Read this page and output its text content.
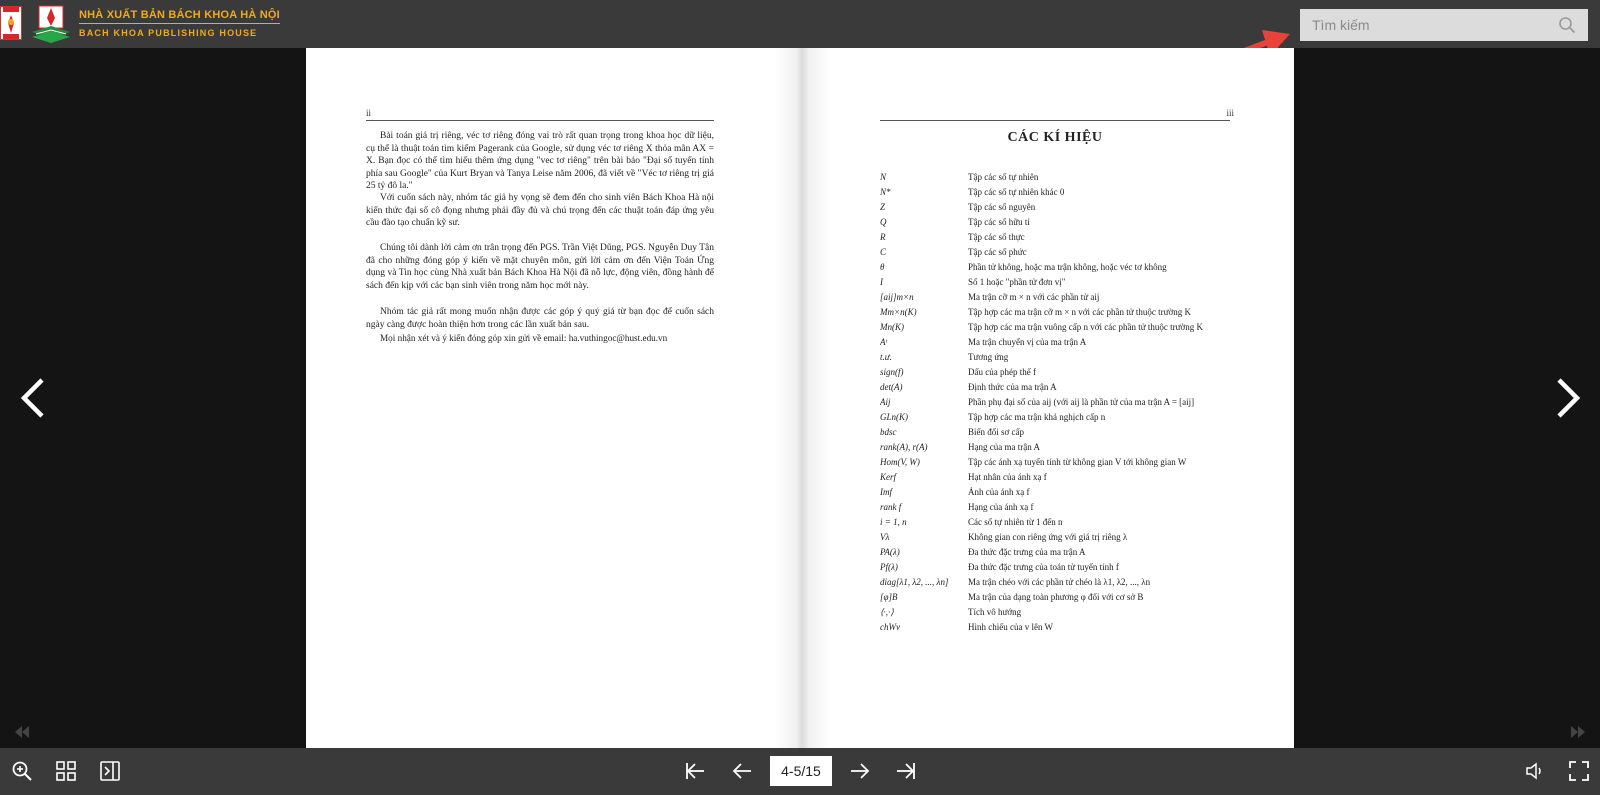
NHÀ XUẤT BẢN BÁCH KHOA HÀ NỘI
BACH KHOA PUBLISHING HOUSE
Tìm kiếm
ii
Bài toán giá trị riêng, véc tơ riêng đóng vai trò rất quan trọng trong khoa học dữ liệu, cụ thể là thuật toán tìm kiếm Pagerank của Google, sử dụng véc tơ riêng X thỏa mãn AX = X. Bạn đọc có thể tìm hiểu thêm ứng dụng "vec tơ riêng" trên bài báo "Đại số tuyến tính phía sau Google" của Kurt Bryan và Tanya Leise năm 2006, đã viết về "Véc tơ riêng trị giá 25 tỷ đô la."
Với cuốn sách này, nhóm tác giả hy vọng sẽ đem đến cho sinh viên Bách Khoa Hà nội kiến thức đại số cô đọng nhưng phải đầy đủ và chú trọng đến các thuật toán đáp ứng yêu cầu đào tạo chuẩn kỹ sư.
Chúng tôi dành lời cảm ơn trân trọng đến PGS. Trần Việt Dũng, PGS. Nguyễn Duy Tân đã cho những đóng góp ý kiến về mặt chuyên môn, gửi lời cảm ơn đến Viện Toán Ứng dụng và Tin học cùng Nhà xuất bản Bách Khoa Hà Nội đã nỗ lực, động viên, đồng hành để sách đến kịp với các bạn sinh viên trong năm học mới này.
Nhóm tác giả rất mong muốn nhận được các góp ý quý giá từ bạn đọc để cuốn sách ngày càng được hoàn thiện hơn trong các lần xuất bản sau.
Mọi nhận xét và ý kiến đóng góp xin gửi về email: ha.vuthingoc@hust.edu.vn
iii
CÁC KÍ HIỆU
N	Tập các số tự nhiên
N*	Tập các số tự nhiên khác 0
Z	Tập các số nguyên
Q	Tập các số hữu tỉ
R	Tập các số thực
C	Tập các số phức
θ	Phần tử không, hoặc ma trận không, hoặc véc tơ không
I	Số 1 hoặc "phần tử đơn vị"
[aij]m×n	Ma trận cỡ m × n với các phần tử aij
Mm×n(K)	Tập hợp các ma trận cỡ m × n với các phần tử thuộc trường K
Mn(K)	Tập hợp các ma trận vuông cấp n với các phần tử thuộc trường K
Aᵗ	Ma trận chuyển vị của ma trận A
t.ư.	Tương ứng
sign(f)	Dấu của phép thế f
det(A)	Định thức của ma trận A
Aij	Phần phụ đại số của aij (với aij là phần tử của ma trận A = [aij]
GLn(K)	Tập hợp các ma trận khả nghịch cấp n
bdsc	Biến đổi sơ cấp
rank(A), r(A)	Hạng của ma trận A
Hom(V, W)	Tập các ánh xạ tuyến tính từ không gian V tới không gian W
Kerf	Hạt nhân của ánh xạ f
Imf	Ảnh của ánh xạ f
rank f	Hạng của ánh xạ f
i = 1, n	Các số tự nhiên từ 1 đến n
Vλ	Không gian con riêng ứng với giá trị riêng λ
PA(λ)	Đa thức đặc trưng của ma trận A
Pf(λ)	Đa thức đặc trưng của toán tử tuyến tính f
diag[λ1, λ2, ..., λn]	Ma trận chéo với các phần tử chéo là λ1, λ2, ..., λn
[φ]B	Ma trận của dạng toàn phương φ đối với cơ sở B
⟨·,·⟩	Tích vô hướng
chWv	Hình chiếu của v lên W
4-5/15
